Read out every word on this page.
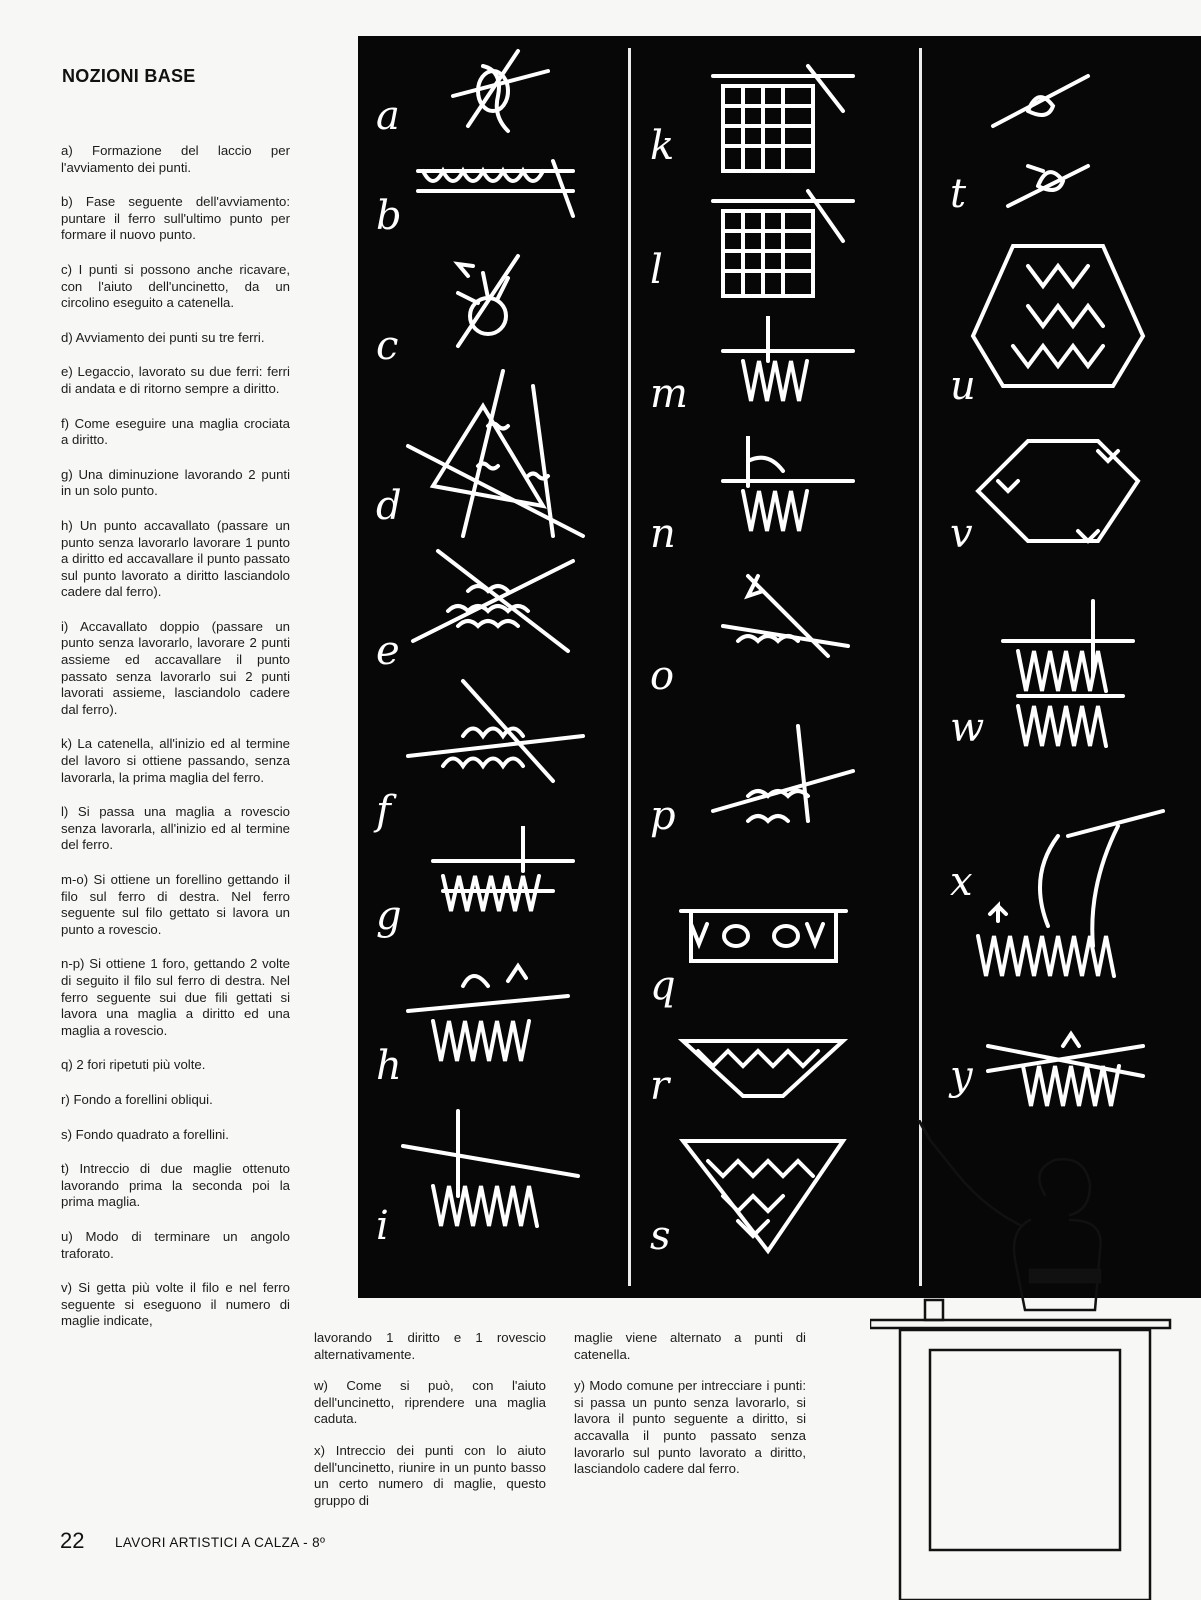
NOZIONI BASE

a) Formazione del laccio per l'avviamento dei punti.

b) Fase seguente dell'avviamento: puntare il ferro sull'ultimo punto per formare il nuovo punto.

c) I punti si possono anche ricavare, con l'aiuto dell'uncinetto, da un circolino eseguito a catenella.

d) Avviamento dei punti su tre ferri.

e) Legaccio, lavorato su due ferri: ferri di andata e di ritorno sempre a diritto.

f) Come eseguire una maglia crociata a diritto.

g) Una diminuzione lavorando 2 punti in un solo punto.

h) Un punto accavallato (passare un punto senza lavorarlo lavorare 1 punto a diritto ed accavallare il punto passato sul punto lavorato a diritto lasciandolo cadere dal ferro).

i) Accavallato doppio (passare un punto senza lavorarlo, lavorare 2 punti assieme ed accavallare il punto passato senza lavorarlo sui 2 punti lavorati assieme, lasciandolo cadere dal ferro).

k) La catenella, all'inizio ed al termine del lavoro si ottiene passando, senza lavorarla, la prima maglia del ferro.

l) Si passa una maglia a rovescio senza lavorarla, all'inizio ed al termine del ferro.

m-o) Si ottiene un forellino gettando il filo sul ferro di destra. Nel ferro seguente sul filo gettato si lavora un punto a rovescio.

n-p) Si ottiene 1 foro, gettando 2 volte di seguito il filo sul ferro di destra. Nel ferro seguente sui due fili gettati si lavora una maglia a diritto ed una maglia a rovescio.

q) 2 fori ripetuti più volte.

r) Fondo a forellini obliqui.

s) Fondo quadrato a forellini.

t) Intreccio di due maglie ottenuto lavorando prima la seconda poi la prima maglia.

u) Modo di terminare un angolo traforato.

v) Si getta più volte il filo e nel ferro seguente si eseguono il numero di maglie indicate,

lavorando 1 diritto e 1 rovescio alternativamente.

w) Come si può, con l'aiuto dell'uncinetto, riprendere una maglia caduta.

x) Intreccio dei punti con lo aiuto dell'uncinetto, riunire in un punto basso un certo numero di maglie, questo gruppo di

maglie viene alternato a punti di catenella.

y) Modo comune per intrecciare i punti: si passa un punto senza lavorarlo, si lavora il punto seguente a diritto, si accavalla il punto passato senza lavorarlo sul punto lavorato a diritto, lasciandolo cadere dal ferro.

a
b
c
d
e
f
g
h
i
k
l
m
n
o
p
q
r
s
t
u
v
w
x
y
22 LAVORI ARTISTICI A CALZA - 8º
